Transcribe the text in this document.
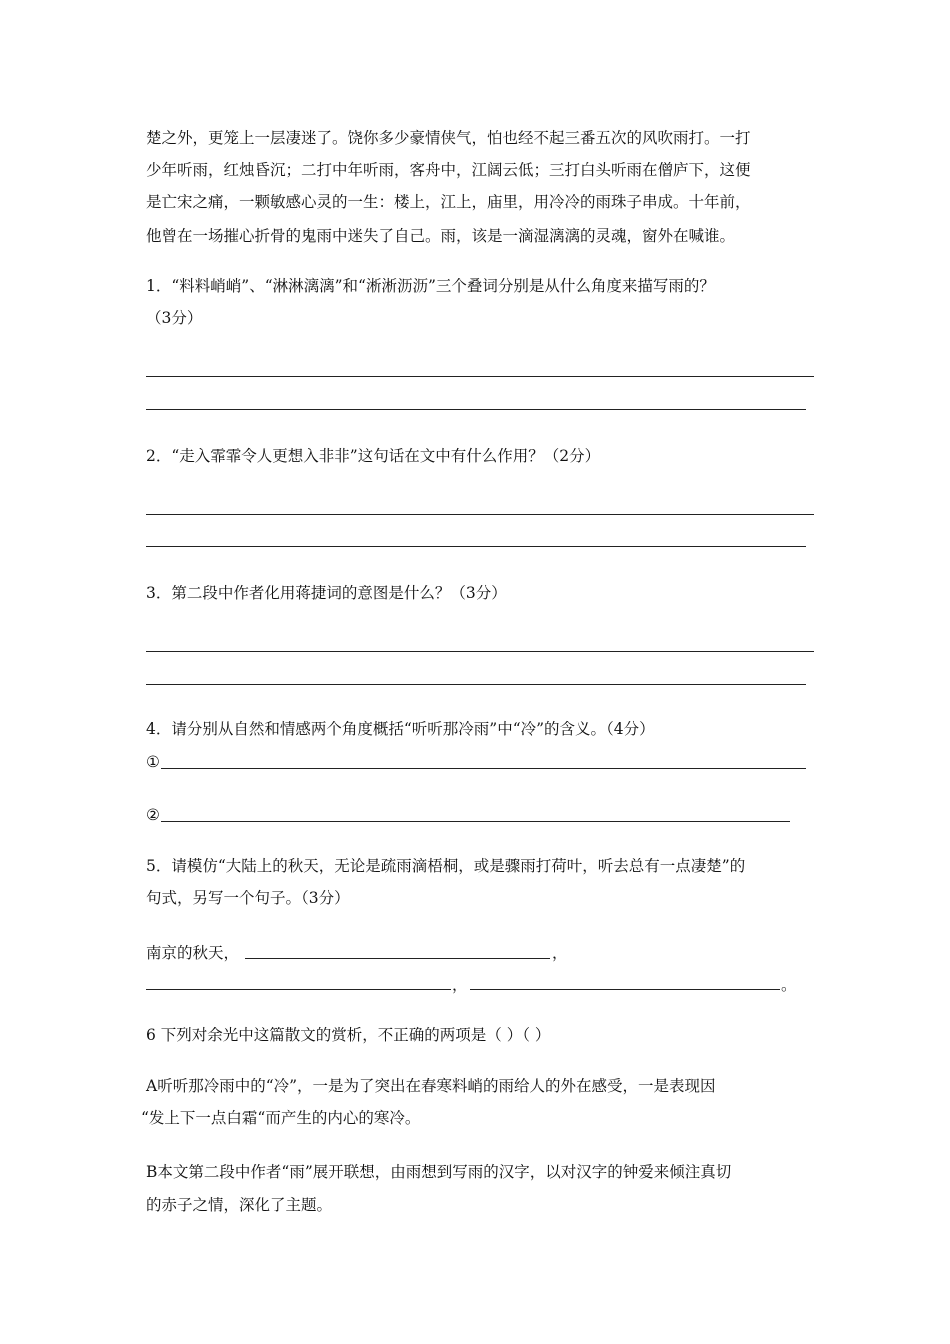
楚之外，更笼上一层凄迷了。饶你多少豪情侠气，怕也经不起三番五次的风吹雨打。一打
少年听雨，红烛昏沉；二打中年听雨，客舟中，江阔云低；三打白头听雨在僧庐下，这便
是亡宋之痛，一颗敏感心灵的一生：楼上，江上，庙里，用冷冷的雨珠子串成。十年前，
他曾在一场摧心折骨的鬼雨中迷失了自己。雨，该是一滴湿漓漓的灵魂，窗外在喊谁。
1．“料料峭峭”、“淋淋漓漓”和“淅淅沥沥”三个叠词分别是从什么角度来描写雨的？
（3分）
2．“走入霏霏令人更想入非非”这句话在文中有什么作用？（2分）
3．第二段中作者化用蒋捷词的意图是什么？（3分）
4．请分别从自然和情感两个角度概括“听听那冷雨”中“冷”的含义。（4分）
①
②
5．请模仿“大陆上的秋天，无论是疏雨滴梧桐，或是骤雨打荷叶，听去总有一点凄楚”的
句式，另写一个句子。（3分）
南京的秋天，	，
，	。
6 下列对余光中这篇散文的赏析，不正确的两项是（ ）（ ）
A听听那冷雨中的“冷”，一是为了突出在春寒料峭的雨给人的外在感受，一是表现因
“发上下一点白霜“而产生的内心的寒冷。
B本文第二段中作者“雨”展开联想，由雨想到写雨的汉字，以对汉字的钟爱来倾注真切
的赤子之情，深化了主题。
